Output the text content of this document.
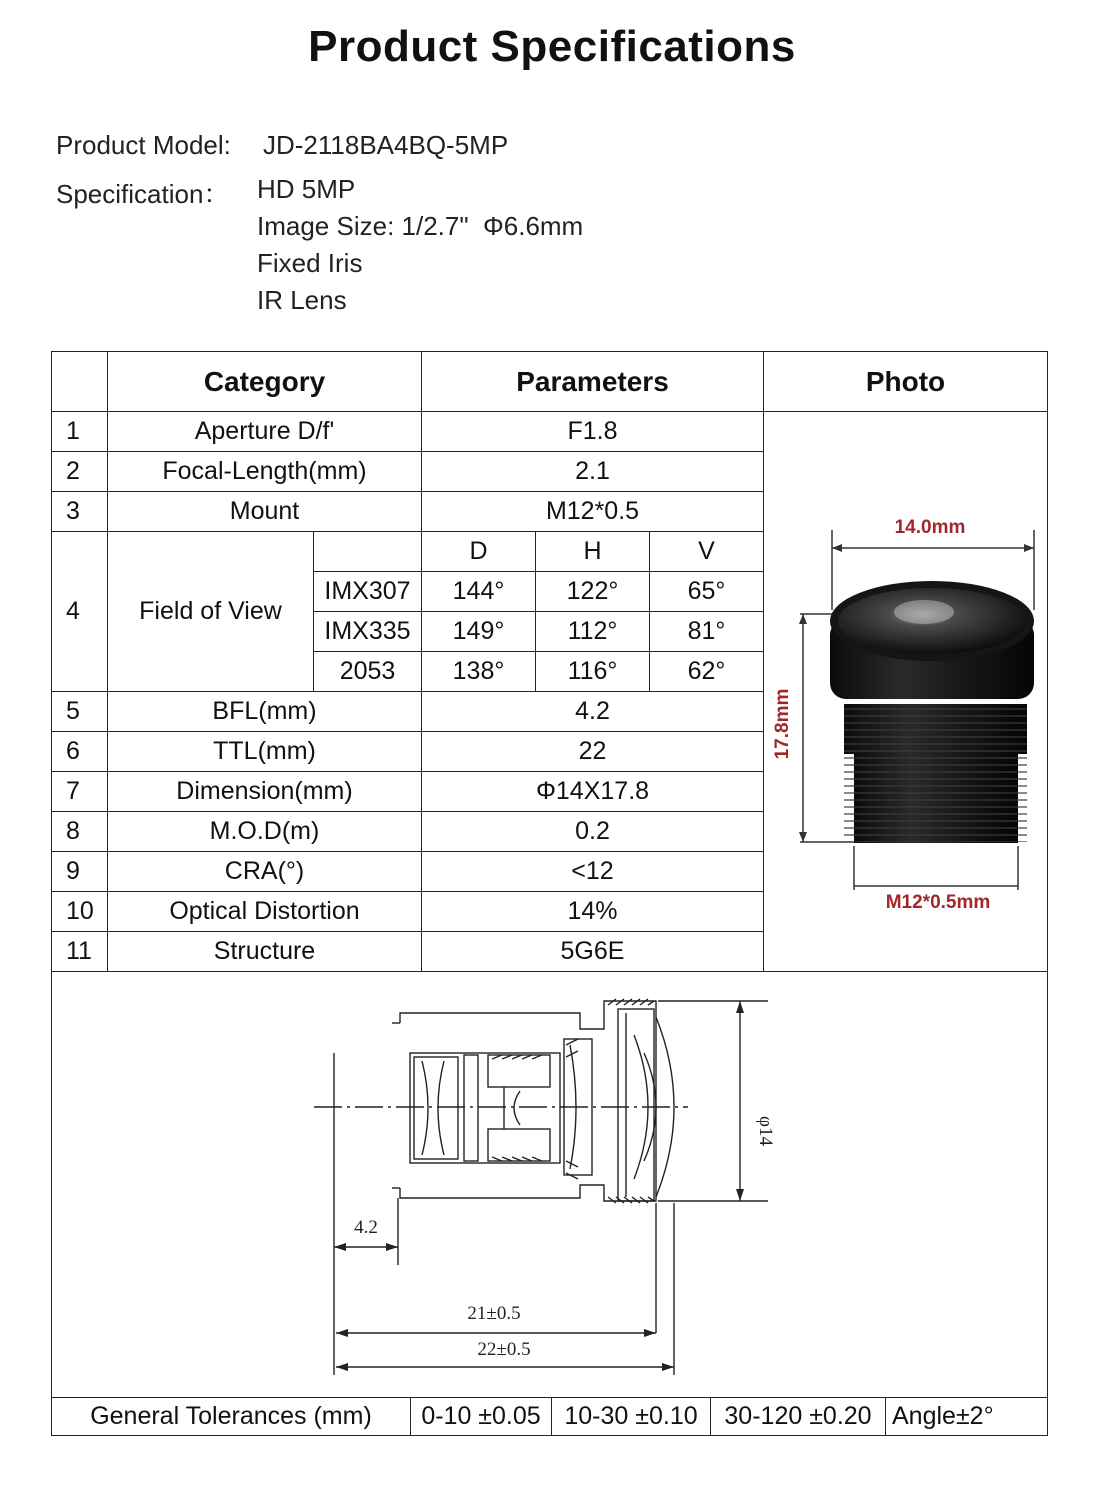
Product Specifications
Product Model: JD-2118BA4BQ-5MP
Specification： HD 5MP
Image Size: 1/2.7"  Φ6.6mm
Fixed Iris
IR Lens
	Category		Parameters			Photo
1	Aperture D/f'		F1.8			14.0mm
17.8mm
M12*0.5mm

2	Focal-Length(mm)		2.1			
3	Mount		M12*0.5			
4	Field of View		D	H	V	
		IMX307	144°	122°	65°	
		IMX335	149°	112°	81°	
		2053	138°	116°	62°	
5	BFL(mm)		4.2			
6	TTL(mm)		22			
7	Dimension(mm)		Φ14X17.8			
8	M.O.D(m)		0.2			
9	CRA(°)		<12			
10	Optical Distortion		14%			
11	Structure		5G6E			

φ14
4.2
21±0.5
22±0.5						

General Tolerances (mm) 0-10 ±0.05 10-30 ±0.10 30-120 ±0.20 Angle±2°						
